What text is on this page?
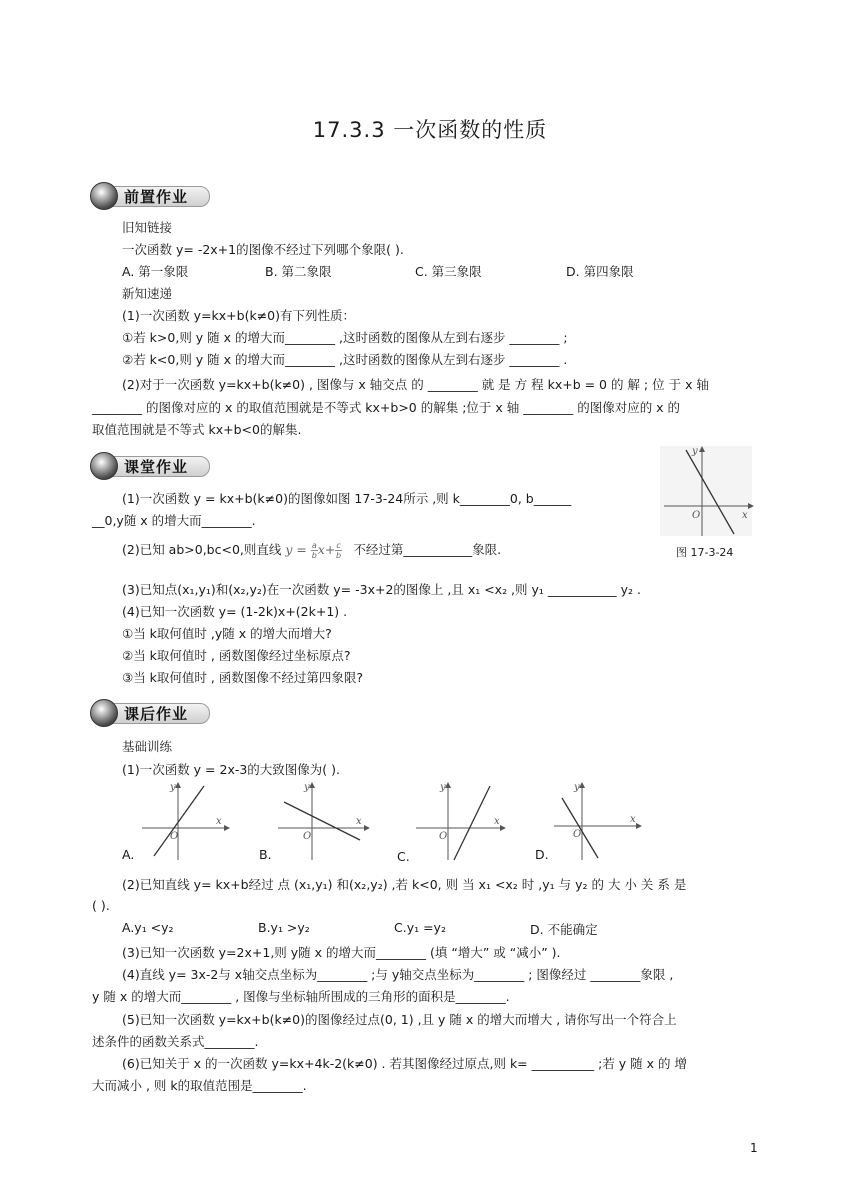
17.3.3 一次函数的性质
前置作业
旧知链接
一次函数 y= -2x+1的图像不经过下列哪个象限( ).
A. 第一象限	B. 第二象限	C. 第三象限	D. 第四象限
新知速递
(1)一次函数 y=kx+b(k≠0)有下列性质：
①若 k>0,则 y 随 x 的增大而________ ,这时函数的图像从左到右逐步 ________ ;
②若 k<0,则 y 随 x 的增大而________ ,这时函数的图像从左到右逐步 ________ .
(2)对于一次函数 y=kx+b(k≠0) , 图像与 x 轴交点 的 ________ 就 是 方 程 kx+b = 0 的 解 ; 位 于 x 轴
________ 的图像对应的 x 的取值范围就是不等式 kx+b>0 的解集 ;位于 x 轴 ________ 的图像对应的 x 的
取值范围就是不等式 kx+b<0的解集.
课堂作业
(1)一次函数 y = kx+b(k≠0)的图像如图 17-3-24所示 ,则 k________0, b______
__0,y随 x 的增大而________.
(2)已知 ab>0,bc<0,则直线 $y = \frac{a}{b} x+ \frac{c}{b}$ 不经过第___________象限.
y
O	x
图 17-3-24
(3)已知点(x₁,y₁)和(x₂,y₂)在一次函数 y= -3x+2的图像上 ,且 x₁ <x₂ ,则 y₁ ___________ y₂ .
(4)已知一次函数 y= (1-2k)x+(2k+1) .
①当 k取何值时 ,y随 x 的增大而增大?
②当 k取何值时 , 函数图像经过坐标原点?
③当 k取何值时 , 函数图像不经过第四象限?
课后作业
基础训练
(1)一次函数 y = 2x-3的大致图像为( ).
y
O
x
A.
y
O
x
B.
y
O
x
C.
y
O
x
D.
(2)已知直线 y= kx+b经过 点 (x₁,y₁) 和(x₂,y₂) ,若 k<0, 则 当 x₁ <x₂ 时 ,y₁ 与 y₂ 的 大 小 关 系 是
( ).
A.y₁ <y₂	B.y₁ >y₂	C.y₁ =y₂	D. 不能确定
(3)已知一次函数 y=2x+1,则 y随 x 的增大而________ (填 “增大” 或 “减小” ).
(4)直线 y= 3x-2与 x轴交点坐标为________ ;与 y轴交点坐标为________ ; 图像经过 ________象限 ,
y 随 x 的增大而________ , 图像与坐标轴所围成的三角形的面积是________.
(5)已知一次函数 y=kx+b(k≠0)的图像经过点(0, 1) ,且 y 随 x 的增大而增大 , 请你写出一个符合上
述条件的函数关系式________.
(6)已知关于 x 的一次函数 y=kx+4k-2(k≠0) . 若其图像经过原点,则 k= __________ ;若 y 随 x 的 增
大而减小 , 则 k的取值范围是________.
1
